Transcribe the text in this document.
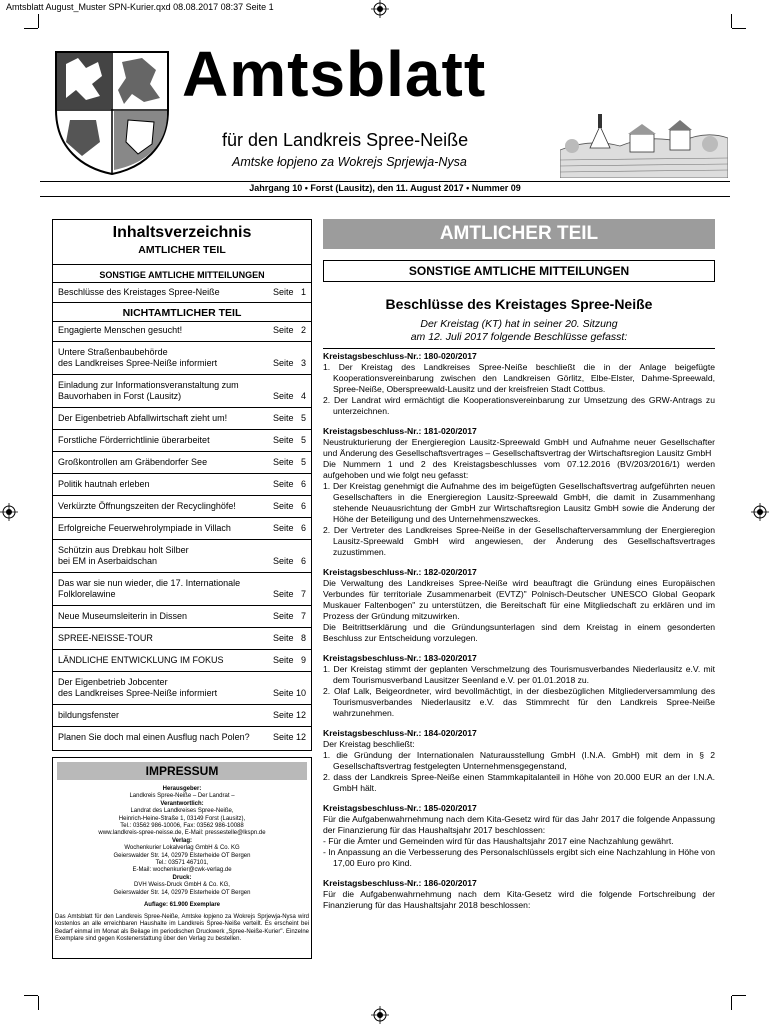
Amtsblatt August_Muster SPN-Kurier.qxd 08.08.2017 08:37 Seite 1
Amtsblatt
für den Landkreis Spree-Neiße
Amtske łopjeno za Wokrejs Sprjewja-Nysa
Jahrgang 10 • Forst (Lausitz), den 11. August 2017 • Nummer 09
Inhaltsverzeichnis
AMTLICHER TEIL
SONSTIGE AMTLICHE MITTEILUNGEN
Beschlüsse des Kreistages Spree-Neiße	Seite   1
NICHTAMTLICHER TEIL
Engagierte Menschen gesucht!	Seite   2
Untere Straßenbaubehörde
des Landkreises Spree-Neiße informiert	Seite   3
Einladung zur Informationsveranstaltung zum
Bauvorhaben in Forst (Lausitz)	Seite   4
Der Eigenbetrieb Abfallwirtschaft zieht um!	Seite   5
Forstliche Förderrichtlinie überarbeitet	Seite   5
Großkontrollen am Gräbendorfer See	Seite   5
Politik hautnah erleben	Seite   6
Verkürzte Öffnungszeiten der Recyclinghöfe!	Seite   6
Erfolgreiche Feuerwehrolympiade in Villach	Seite   6
Schützin aus Drebkau holt Silber
bei EM in Aserbaidschan	Seite   6
Das war sie nun wieder, die 17. Internationale
Folklorelawine	Seite   7
Neue Museumsleiterin in Dissen	Seite   7
SPREE-NEISSE-TOUR	Seite   8
LÄNDLICHE ENTWICKLUNG IM FOKUS	Seite   9
Der Eigenbetrieb Jobcenter
des Landkreises Spree-Neiße informiert	Seite 10
bildungsfenster	Seite 12
Planen Sie doch mal einen Ausflug nach Polen?	Seite 12
IMPRESSUM
Herausgeber:
Landkreis Spree-Neiße – Der Landrat –
Verantwortlich:
Landrat des Landkreises Spree-Neiße,
Heinrich-Heine-Straße 1, 03149 Forst (Lausitz),
Tel.: 03562 986-10006, Fax: 03562 986-10088
www.landkreis-spree-neisse.de, E-Mail: pressestelle@lkspn.de
Verlag:
Wochenkurier Lokalverlag GmbH & Co. KG
Geierswalder Str. 14, 02979 Elsterheide OT Bergen
Tel.: 03571 467101,
E-Mail: wochenkurier@cwk-verlag.de
Druck:
DVH Weiss-Druck GmbH & Co. KG,
Geierswalder Str. 14, 02979 Elsterheide OT Bergen
Auflage: 61.900 Exemplare
Das Amtsblatt für den Landkreis Spree-Neiße, Amtske łopjeno za Wokrejs Sprjewja-Nysa wird kostenlos an alle erreichbaren Haushalte im Landkreis Spree-Neiße verteilt. Es erscheint bei Bedarf einmal im Monat als Beilage im periodischen Druckwerk „Spree-Neiße-Kurier". Einzelne Exemplare sind gegen Kostenerstattung über den Verlag zu bestellen.
AMTLICHER TEIL
SONSTIGE AMTLICHE MITTEILUNGEN
Beschlüsse des Kreistages Spree-Neiße
Der Kreistag (KT) hat in seiner 20. Sitzung
am 12. Juli 2017 folgende Beschlüsse gefasst:
Kreistagsbeschluss-Nr.: 180-020/2017
1. Der Kreistag des Landkreises Spree-Neiße beschließt die in der Anlage beigefügte Kooperationsvereinbarung zwischen den Landkreisen Görlitz, Elbe-Elster, Dahme-Spreewald, Spree-Neiße, Oberspreewald-Lausitz und der kreisfreien Stadt Cottbus.
2. Der Landrat wird ermächtigt die Kooperationsvereinbarung zur Umsetzung des GRW-Antrags zu unterzeichnen.
Kreistagsbeschluss-Nr.: 181-020/2017
Neustrukturierung der Energieregion Lausitz-Spreewald GmbH und Aufnahme neuer Gesellschafter und Änderung des Gesellschaftsvertrages – Gesellschaftsvertrag der Wirtschaftsregion Lausitz GmbH
Die Nummern 1 und 2 des Kreistagsbeschlusses vom 07.12.2016 (BV/203/2016/1) werden aufgehoben und wie folgt neu gefasst:
1. Der Kreistag genehmigt die Aufnahme des im beigefügten Gesellschaftsvertrag aufgeführten neuen Gesellschafters in die Energieregion Lausitz-Spreewald GmbH, die damit in Zusammenhang stehende Neuausrichtung der GmbH zur Wirtschaftsregion Lausitz GmbH sowie die Änderung der Höhe der Beteiligung und des Unternehmenszweckes.
2. Der Vertreter des Landkreises Spree-Neiße in der Gesellschafterversammlung der Energieregion Lausitz-Spreewald GmbH wird angewiesen, der Änderung des Gesellschaftsvertrages zuzustimmen.
Kreistagsbeschluss-Nr.: 182-020/2017
Die Verwaltung des Landkreises Spree-Neiße wird beauftragt die Gründung eines Europäischen Verbundes für territoriale Zusammenarbeit (EVTZ)" Polnisch-Deutscher UNESCO Global Geopark Muskauer Faltenbogen" zu unterstützen, die Bereitschaft für eine Mitgliedschaft zu erklären und im Prozess der Gründung mitzuwirken.
Die Beitrittserklärung und die Gründungsunterlagen sind dem Kreistag in einem gesonderten Beschluss zur Entscheidung vorzulegen.
Kreistagsbeschluss-Nr.: 183-020/2017
1. Der Kreistag stimmt der geplanten Verschmelzung des Tourismusverbandes Niederlausitz e.V. mit dem Tourismusverband Lausitzer Seenland e.V. per 01.01.2018 zu.
2. Olaf Lalk, Beigeordneter, wird bevollmächtigt, in der diesbezüglichen Mitgliederversammlung des Tourismusverbandes Niederlausitz e.V. das Stimmrecht für den Landkreis Spree-Neiße wahrzunehmen.
Kreistagsbeschluss-Nr.: 184-020/2017
Der Kreistag beschließt:
1. die Gründung der Internationalen Naturausstellung GmbH (I.N.A. GmbH) mit dem in § 2 Gesellschaftsvertrag festgelegten Unternehmensgegenstand,
2. dass der Landkreis Spree-Neiße einen Stammkapitalanteil in Höhe von 20.000 EUR an der I.N.A. GmbH hält.
Kreistagsbeschluss-Nr.: 185-020/2017
Für die Aufgabenwahrnehmung nach dem Kita-Gesetz wird für das Jahr 2017 die folgende Anpassung der Finanzierung für das Haushaltsjahr 2017 beschlossen:
- Für die Ämter und Gemeinden wird für das Haushaltsjahr 2017 eine Nachzahlung gewährt.
- In Anpassung an die Verbesserung des Personalschlüssels ergibt sich eine Nachzahlung in Höhe von 17,00 Euro pro Kind.
Kreistagsbeschluss-Nr.: 186-020/2017
Für die Aufgabenwahrnehmung nach dem Kita-Gesetz wird die folgende Fortschreibung der Finanzierung für das Haushaltsjahr 2018 beschlossen:
